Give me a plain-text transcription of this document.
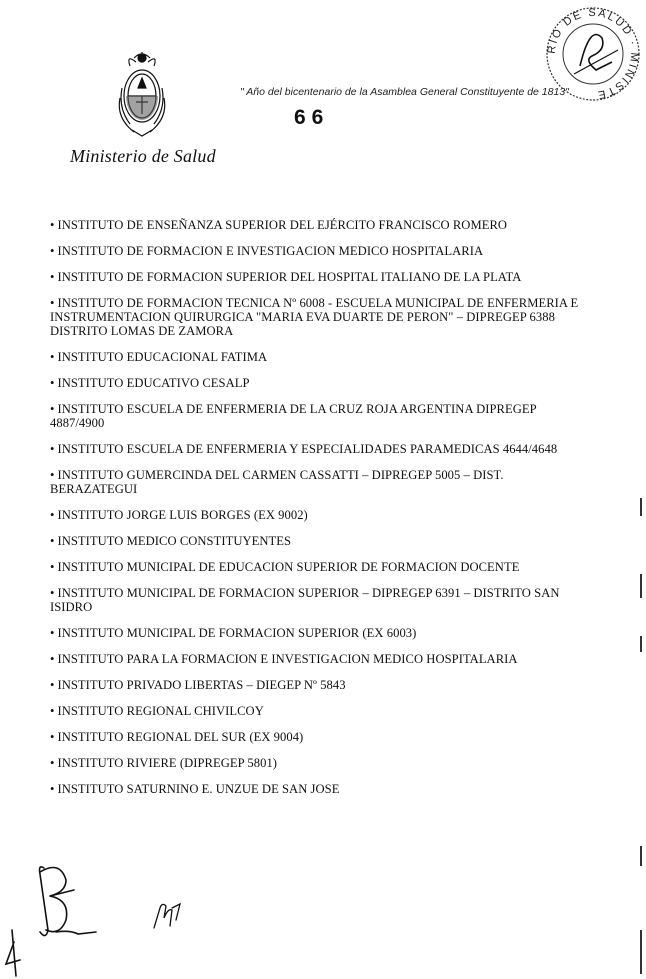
Ministerio de Salud
" Año del bicentenario de la Asamblea General Constituyente de 1813"
66
RIO DE SALUD · MINISTE
• INSTITUTO DE ENSEÑANZA SUPERIOR DEL EJÉRCITO FRANCISCO ROMERO
• INSTITUTO DE FORMACION E INVESTIGACION MEDICO HOSPITALARIA
• INSTITUTO DE FORMACION SUPERIOR DEL HOSPITAL ITALIANO DE LA PLATA
• INSTITUTO DE FORMACION TECNICA Nº 6008 - ESCUELA MUNICIPAL DE ENFERMERIA E INSTRUMENTACION QUIRURGICA "MARIA EVA DUARTE DE PERON" – DIPREGEP 6388 DISTRITO LOMAS DE ZAMORA
• INSTITUTO EDUCACIONAL FATIMA
• INSTITUTO EDUCATIVO CESALP
• INSTITUTO ESCUELA DE ENFERMERIA DE LA CRUZ ROJA ARGENTINA DIPREGEP 4887/4900
• INSTITUTO ESCUELA DE ENFERMERIA Y ESPECIALIDADES PARAMEDICAS 4644/4648
• INSTITUTO GUMERCINDA DEL CARMEN CASSATTI – DIPREGEP 5005 – DIST. BERAZATEGUI
• INSTITUTO JORGE LUIS BORGES (EX 9002)
• INSTITUTO MEDICO CONSTITUYENTES
• INSTITUTO MUNICIPAL DE EDUCACION SUPERIOR DE FORMACION DOCENTE
• INSTITUTO MUNICIPAL DE FORMACION SUPERIOR – DIPREGEP 6391 – DISTRITO SAN ISIDRO
• INSTITUTO MUNICIPAL DE FORMACION SUPERIOR (EX 6003)
• INSTITUTO PARA LA FORMACION E INVESTIGACION MEDICO HOSPITALARIA
• INSTITUTO PRIVADO LIBERTAS – DIEGEP Nº 5843
• INSTITUTO REGIONAL CHIVILCOY
• INSTITUTO REGIONAL DEL SUR (EX 9004)
• INSTITUTO RIVIERE (DIPREGEP 5801)
• INSTITUTO SATURNINO E. UNZUE DE SAN JOSE
